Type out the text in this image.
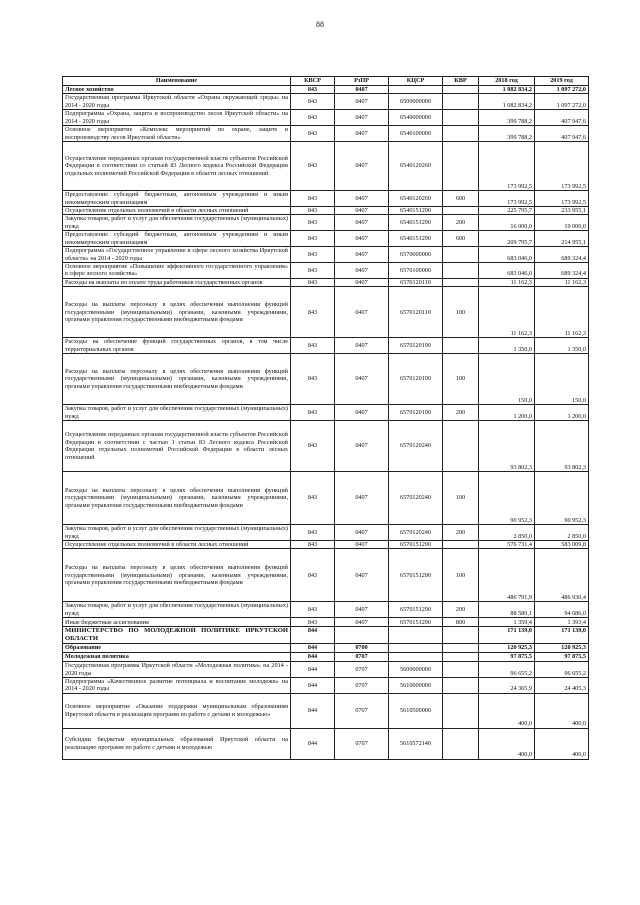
88
Наименование	КВСР	РзПР	КЦСР	КВР	2018 год	2019 год
Лесное хозяйство	843	0407			1 082 834,2	1 097 272,0
Государственная программа Иркутской области «Охрана окружающей среды» на 2014 - 2020 годы	843	0407	6500000000		1 082 834,2	1 097 272,0
Подпрограмма «Охрана, защита и воспроизводство лесов Иркутской области» на 2014 - 2020 годы	843	0407	6540000000		399 788,2	407 947,6
Основное мероприятие «Комплекс мероприятий по охране, защите и воспроизводству лесов Иркутской области»	843	0407	6540100000		399 788,2	407 947,6
Осуществление переданных органам государственной власти субъектов Российской Федерации в соответствии со статьей 83 Лесного кодекса Российской Федерации отдельных полномочий Российской Федерации в области лесных отношений	843	0407	6540120260		173 992,5	173 992,5
Предоставление субсидий бюджетным, автономным учреждениям и иным некоммерческим организациям	843	0407	6540120260	600	173 992,5	173 992,5
Осуществление отдельных полномочий в области лесных отношений	843	0407	6540151290		225 795,7	233 955,1
Закупка товаров, работ и услуг для обеспечения государственных (муниципальных) нужд	843	0407	6540151290	200	16 000,0	19 000,0
Предоставление субсидий бюджетным, автономным учреждениям и иным некоммерческим организациям	843	0407	6540151290	600	209 795,7	214 955,1
Подпрограмма «Государственное управление в сфере лесного хозяйства Иркутской области» на 2014 - 2020 годы	843	0407	6570000000		683 046,0	689 324,4
Основное мероприятие «Повышение эффективного государственного управления» в сфере лесного хозяйства»	843	0407	6570100000		683 046,0	689 324,4
Расходы на выплаты по оплате труда работников государственных органов	843	0407	6570120110		11 162,3	11 162,3
Расходы на выплаты персоналу в целях обеспечения выполнения функций государственными (муниципальными) органами, казенными учреждениями, органами управления государственными внебюджетными фондами	843	0407	6570120110	100	11 162,3	11 162,3
Расходы на обеспечение функций государственных органов, в том числе территориальных органов	843	0407	6570120190		1 350,0	1 350,0
Расходы на выплаты персоналу в целях обеспечения выполнения функций государственными (муниципальными) органами, казенными учреждениями, органами управления государственными внебюджетными фондами	843	0407	6570120190	100	150,0	150,0
Закупка товаров, работ и услуг для обеспечения государственных (муниципальных) нужд	843	0407	6570120190	200	1 200,0	1 200,0
Осуществление переданных органам государственной власти субъектов Российской Федерации в соответствии с частью 1 статьи 83 Лесного кодекса Российской Федерации отдельных полномочий Российской Федерации в области лесных отношений	843	0407	6570120240		93 802,3	93 802,3
Расходы на выплаты персоналу в целях обеспечения выполнения функций государственными (муниципальными) органами, казенными учреждениями, органами управления государственными внебюджетными фондами	843	0407	6570120240	100	90 952,3	90 952,3
Закупка товаров, работ и услуг для обеспечения государственных (муниципальных) нужд	843	0407	6570120240	200	2 850,0	2 850,0
Осуществление отдельных полномочий в области лесных отношений	843	0407	6570151290		576 731,4	583 009,8
Расходы на выплаты персоналу в целях обеспечения выполнения функций государственными (муниципальными) органами, казенными учреждениями, органами управления государственными внебюджетными фондами	843	0407	6570151290	100	486 791,9	486 930,4
Закупка товаров, работ и услуг для обеспечения государственных (муниципальных) нужд	843	0407	6570151290	200	88 580,1	94 686,0
Иные бюджетные ассигнования	843	0407	6570151290	800	1 359,4	1 393,4
МИНИСТЕРСТВО ПО МОЛОДЕЖНОЙ ПОЛИТИКЕ ИРКУТСКОЙ ОБЛАСТИ	844				171 139,0	171 139,0
Образование	844	0700			120 925,3	120 925,3
Молодежная политика	844	0707			97 875,5	97 875,5
Государственная программа Иркутской области «Молодежная политика» на 2014 - 2020 годы	844	0707	5600000000		96 655,2	96 655,2
Подпрограмма «Качественное развитие потенциала и воспитание молодежи» на 2014 - 2020 годы	844	0707	5610000000		24 365,9	24 405,3
Основное мероприятие «Оказание поддержки муниципальным образованиям Иркутской области в реализации программ по работе с детьми и молодежью»	844	0707	5610500000		400,0	400,0
Субсидии бюджетам муниципальных образований Иркутской области на реализацию программ по работе с детьми и молодежью	844	0707	5610572140		400,0	400,0
